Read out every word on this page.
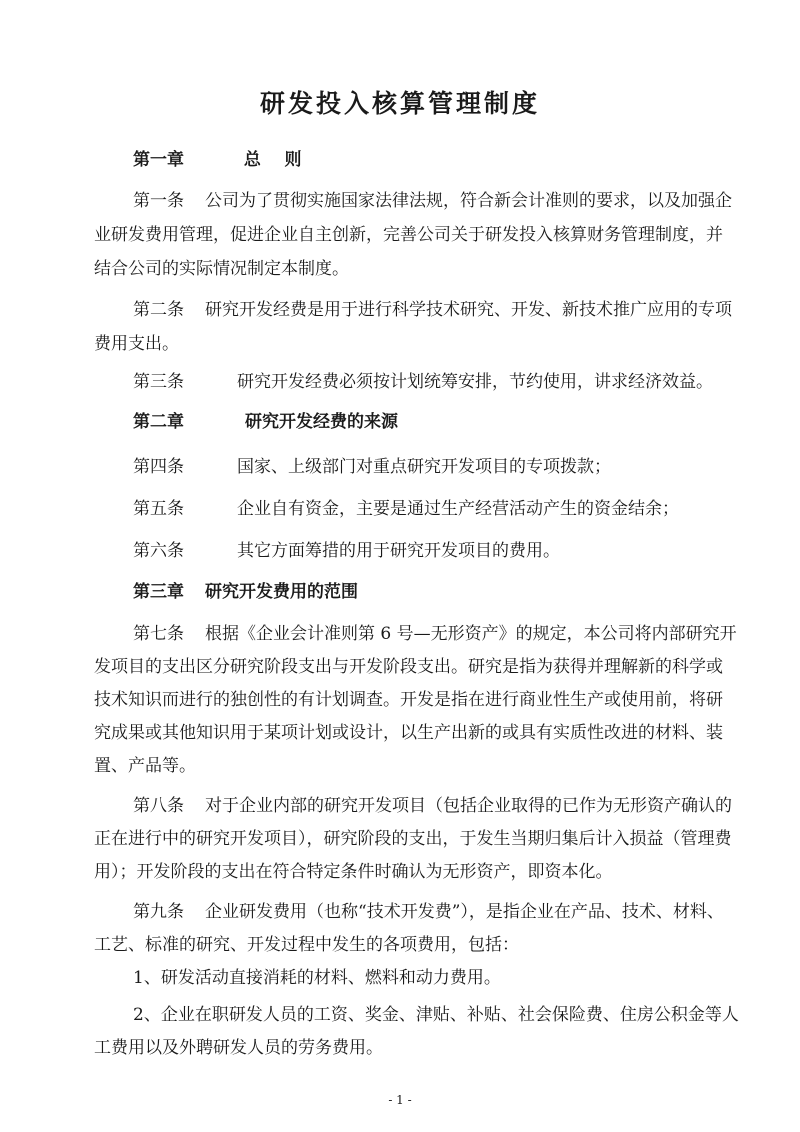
研发投入核算管理制度
第一章	总    则
第一条 公司为了贯彻实施国家法律法规，符合新会计准则的要求，以及加强企
业研发费用管理，促进企业自主创新，完善公司关于研发投入核算财务管理制度，并
结合公司的实际情况制定本制度。
第二条 研究开发经费是用于进行科学技术研究、开发、新技术推广应用的专项
费用支出。
第三条	研究开发经费必须按计划统筹安排，节约使用，讲求经济效益。
第二章	研究开发经费的来源
第四条	国家、上级部门对重点研究开发项目的专项拨款；
第五条	企业自有资金，主要是通过生产经营活动产生的资金结余；
第六条	其它方面筹措的用于研究开发项目的费用。
第三章 研究开发费用的范围
第七条 根据《企业会计准则第 6 号—无形资产》的规定，本公司将内部研究开
发项目的支出区分研究阶段支出与开发阶段支出。研究是指为获得并理解新的科学或
技术知识而进行的独创性的有计划调查。开发是指在进行商业性生产或使用前，将研
究成果或其他知识用于某项计划或设计，以生产出新的或具有实质性改进的材料、装
置、产品等。
第八条 对于企业内部的研究开发项目（包括企业取得的已作为无形资产确认的
正在进行中的研究开发项目），研究阶段的支出，于发生当期归集后计入损益（管理费
用）；开发阶段的支出在符合特定条件时确认为无形资产，即资本化。
第九条 企业研发费用（也称“技术开发费”），是指企业在产品、技术、材料、
工艺、标准的研究、开发过程中发生的各项费用，包括：
1、研发活动直接消耗的材料、燃料和动力费用。
2、企业在职研发人员的工资、奖金、津贴、补贴、社会保险费、住房公积金等人
工费用以及外聘研发人员的劳务费用。
- 1 -
